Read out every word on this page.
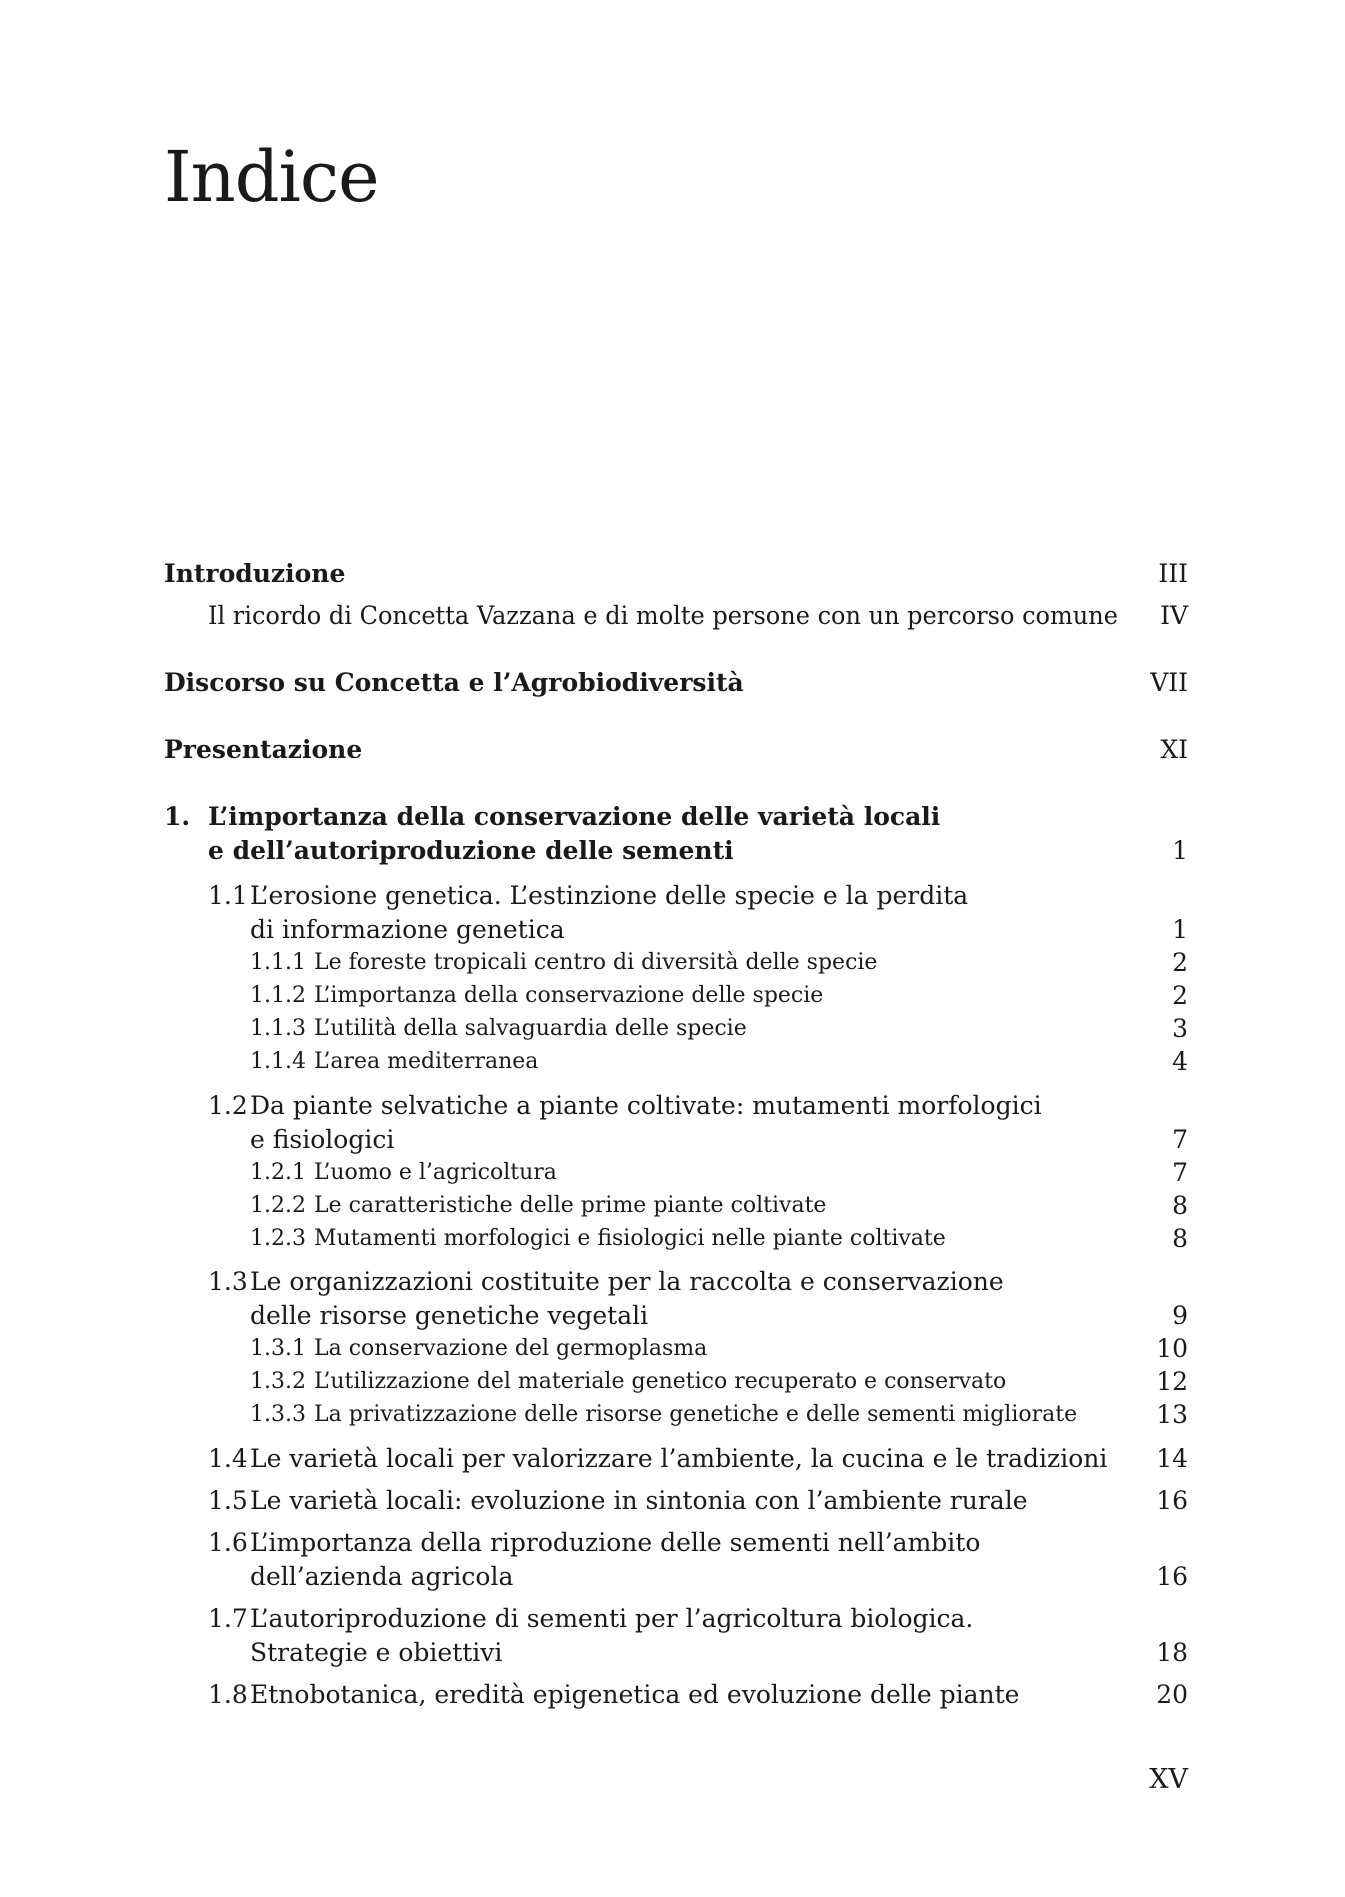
Indice
Introduzione	III
Il ricordo di Concetta Vazzana e di molte persone con un percorso comune IV
Discorso su Concetta e l’Agrobiodiversità	VII
Presentazione	XI
1. L’importanza della conservazione delle varietà locali
e dell’autoriproduzione delle sementi	1
1.1 L’erosione genetica. L’estinzione delle specie e la perdita
di informazione genetica	1
1.1.1 Le foreste tropicali centro di diversità delle specie	2
1.1.2 L’importanza della conservazione delle specie	2
1.1.3 L’utilità della salvaguardia delle specie	3
1.1.4 L’area mediterranea	4
1.2 Da piante selvatiche a piante coltivate: mutamenti morfologici
e fisiologici	7
1.2.1 L’uomo e l’agricoltura	7
1.2.2 Le caratteristiche delle prime piante coltivate	8
1.2.3 Mutamenti morfologici e fisiologici nelle piante coltivate	8
1.3 Le organizzazioni costituite per la raccolta e conservazione
delle risorse genetiche vegetali	9
1.3.1 La conservazione del germoplasma	10
1.3.2 L’utilizzazione del materiale genetico recuperato e conservato	12
1.3.3 La privatizzazione delle risorse genetiche e delle sementi migliorate	13
1.4 Le varietà locali per valorizzare l’ambiente, la cucina e le tradizioni 14
1.5 Le varietà locali: evoluzione in sintonia con l’ambiente rurale	16
1.6 L’importanza della riproduzione delle sementi nell’ambito
dell’azienda agricola	16
1.7 L’autoriproduzione di sementi per l’agricoltura biologica.
Strategie e obiettivi	18
1.8 Etnobotanica, eredità epigenetica ed evoluzione delle piante	20
XV
